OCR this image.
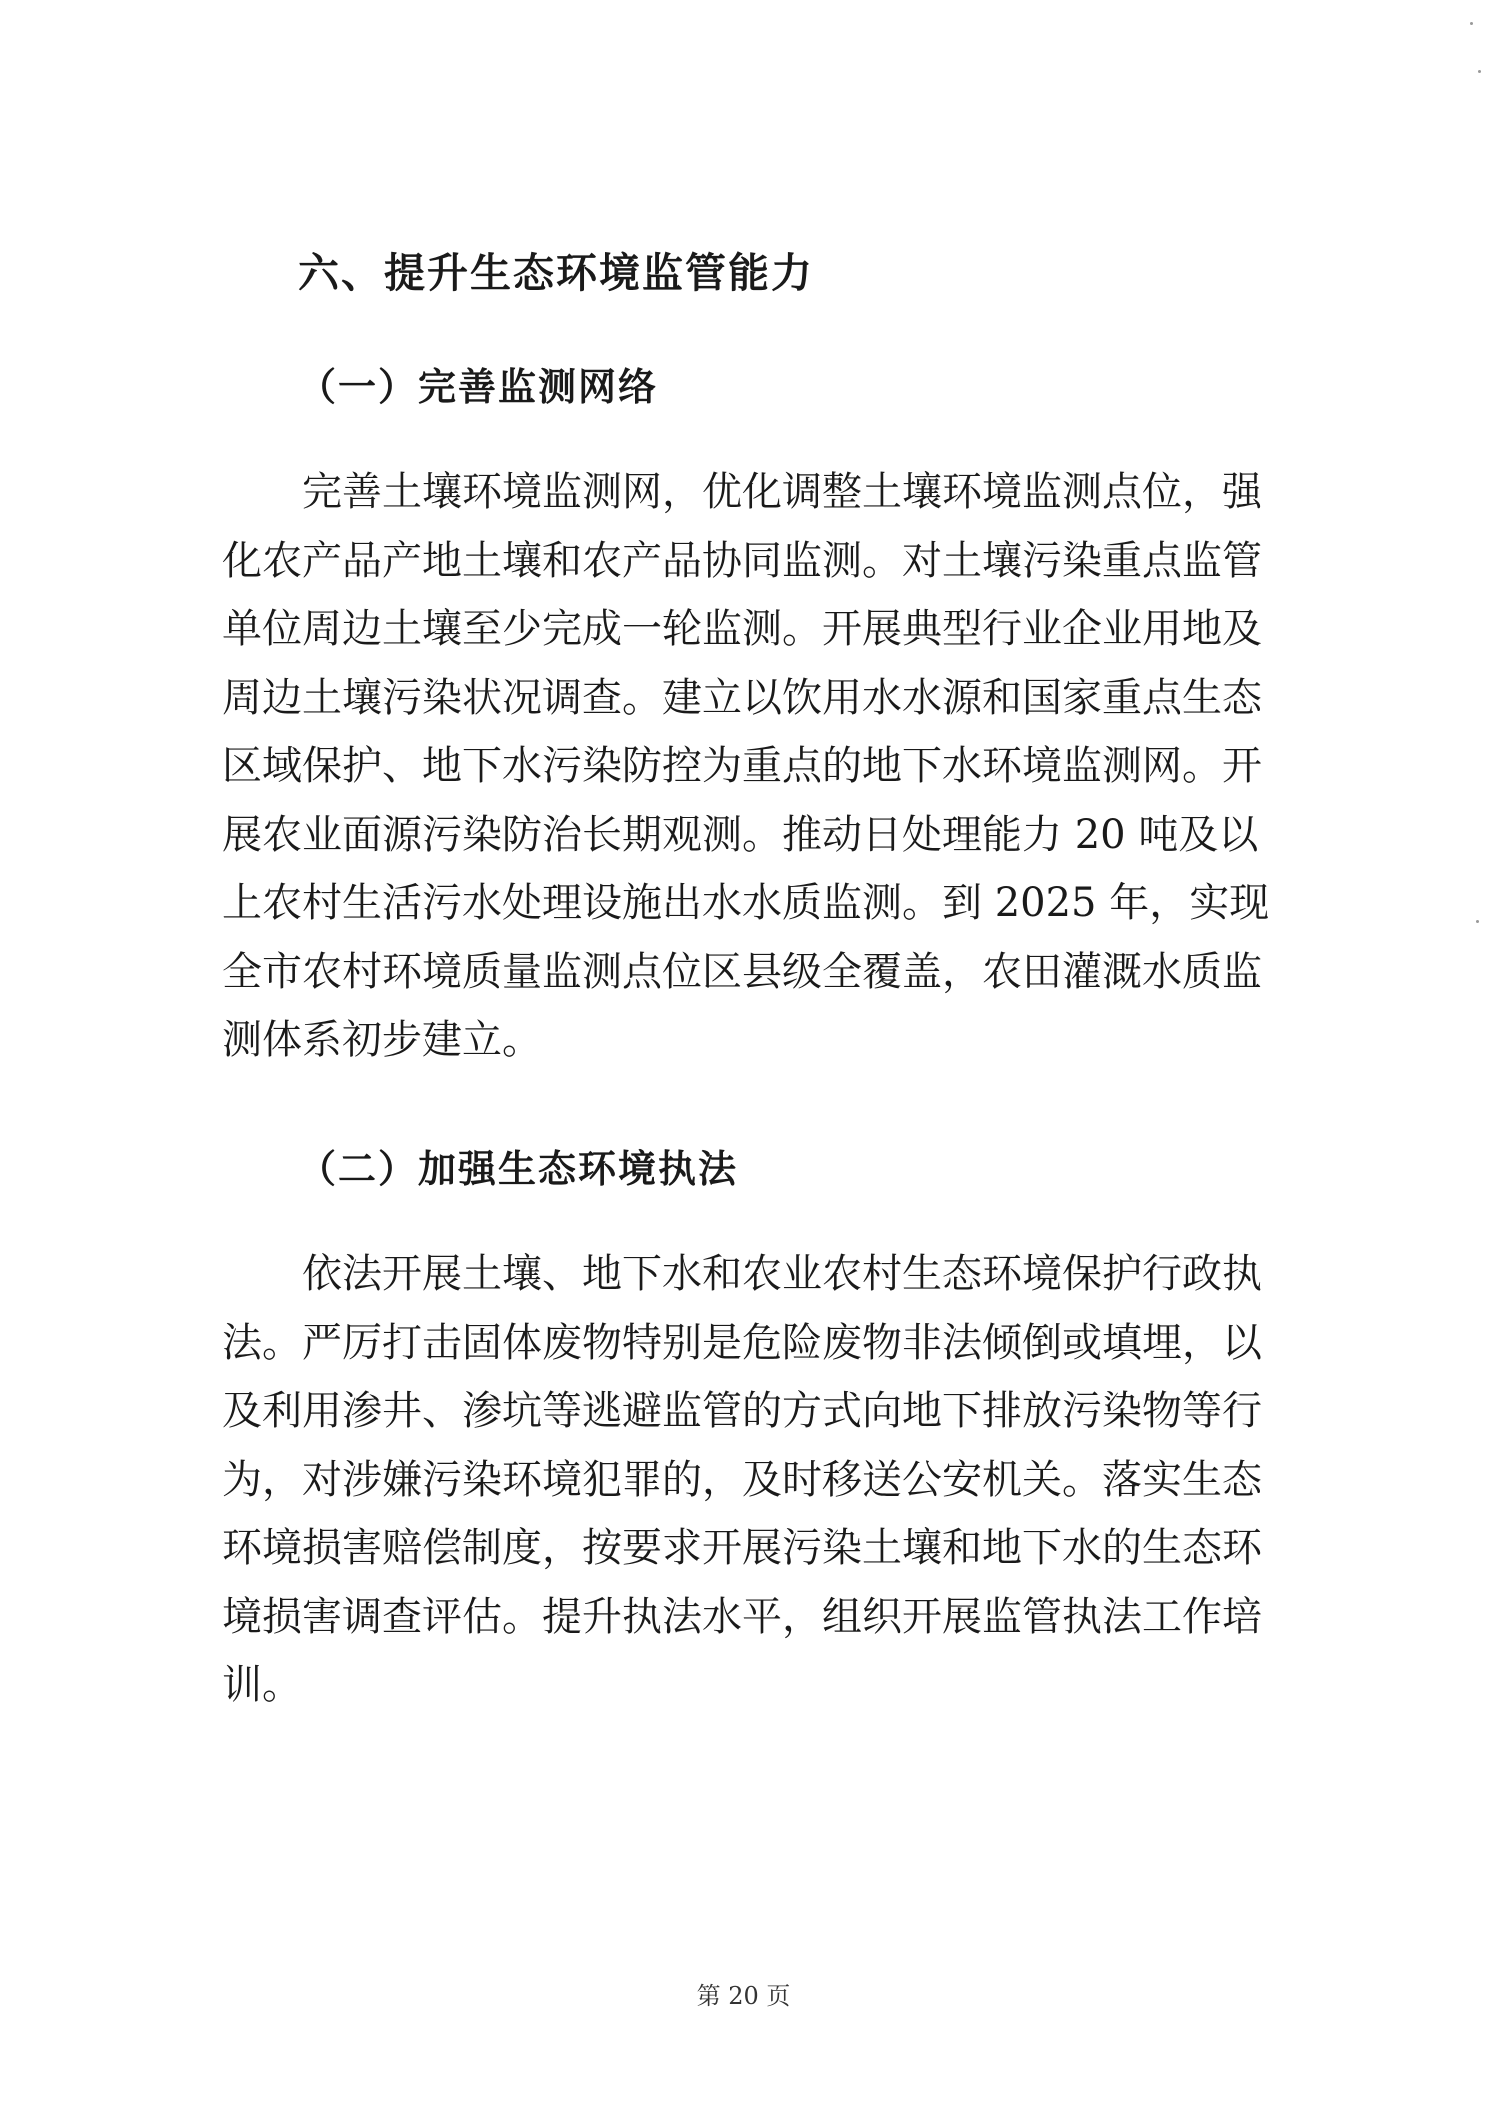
六、提升生态环境监管能力
（一）完善监测网络
完善土壤环境监测网，优化调整土壤环境监测点位，强
化农产品产地土壤和农产品协同监测。对土壤污染重点监管
单位周边土壤至少完成一轮监测。开展典型行业企业用地及
周边土壤污染状况调查。建立以饮用水水源和国家重点生态
区域保护、地下水污染防控为重点的地下水环境监测网。开
展农业面源污染防治长期观测。推动日处理能力 20 吨及以
上农村生活污水处理设施出水水质监测。到 2025 年，实现
全市农村环境质量监测点位区县级全覆盖，农田灌溉水质监
测体系初步建立。
（二）加强生态环境执法
依法开展土壤、地下水和农业农村生态环境保护行政执
法。严厉打击固体废物特别是危险废物非法倾倒或填埋，以
及利用渗井、渗坑等逃避监管的方式向地下排放污染物等行
为，对涉嫌污染环境犯罪的，及时移送公安机关。落实生态
环境损害赔偿制度，按要求开展污染土壤和地下水的生态环
境损害调查评估。提升执法水平，组织开展监管执法工作培
训。
第 20 页
